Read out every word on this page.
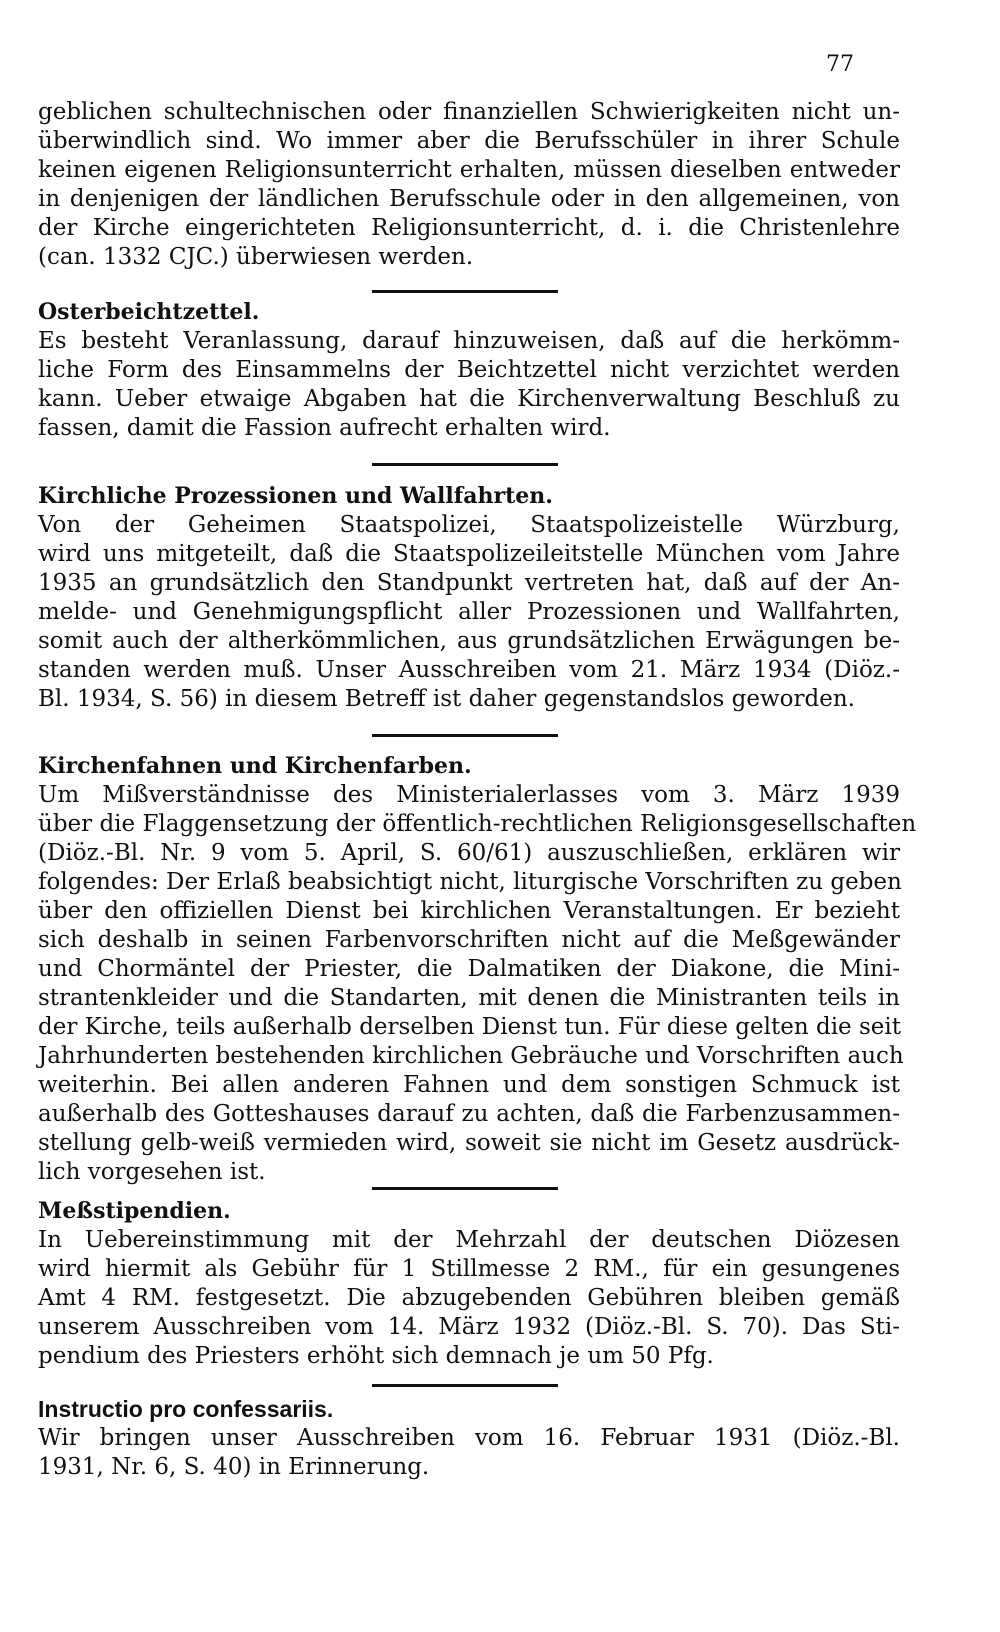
77
geblichen schultechnischen oder finanziellen Schwierigkeiten nicht un-
überwindlich sind. Wo immer aber die Berufsschüler in ihrer Schule
keinen eigenen Religionsunterricht erhalten, müssen dieselben entweder
in denjenigen der ländlichen Berufsschule oder in den allgemeinen, von
der Kirche eingerichteten Religionsunterricht, d. i. die Christenlehre
(can. 1332 CJC.) überwiesen werden.
Osterbeichtzettel.
Es besteht Veranlassung, darauf hinzuweisen, daß auf die herkömm-
liche Form des Einsammelns der Beichtzettel nicht verzichtet werden
kann. Ueber etwaige Abgaben hat die Kirchenverwaltung Beschluß zu
fassen, damit die Fassion aufrecht erhalten wird.
Kirchliche Prozessionen und Wallfahrten.
Von der Geheimen Staatspolizei, Staatspolizeistelle Würzburg,
wird uns mitgeteilt, daß die Staatspolizeileitstelle München vom Jahre
1935 an grundsätzlich den Standpunkt vertreten hat, daß auf der An-
melde- und Genehmigungspflicht aller Prozessionen und Wallfahrten,
somit auch der altherkömmlichen, aus grundsätzlichen Erwägungen be-
standen werden muß. Unser Ausschreiben vom 21. März 1934 (Diöz.-
Bl. 1934, S. 56) in diesem Betreff ist daher gegenstandslos geworden.
Kirchenfahnen und Kirchenfarben.
Um Mißverständnisse des Ministerialerlasses vom 3. März 1939
über die Flaggensetzung der öffentlich-rechtlichen Religionsgesellschaften
(Diöz.-Bl. Nr. 9 vom 5. April, S. 60/61) auszuschließen, erklären wir
folgendes: Der Erlaß beabsichtigt nicht, liturgische Vorschriften zu geben
über den offiziellen Dienst bei kirchlichen Veranstaltungen. Er bezieht
sich deshalb in seinen Farbenvorschriften nicht auf die Meßgewänder
und Chormäntel der Priester, die Dalmatiken der Diakone, die Mini-
strantenkleider und die Standarten, mit denen die Ministranten teils in
der Kirche, teils außerhalb derselben Dienst tun. Für diese gelten die seit
Jahrhunderten bestehenden kirchlichen Gebräuche und Vorschriften auch
weiterhin. Bei allen anderen Fahnen und dem sonstigen Schmuck ist
außerhalb des Gotteshauses darauf zu achten, daß die Farbenzusammen-
stellung gelb-weiß vermieden wird, soweit sie nicht im Gesetz ausdrück-
lich vorgesehen ist.
Meßstipendien.
In Uebereinstimmung mit der Mehrzahl der deutschen Diözesen
wird hiermit als Gebühr für 1 Stillmesse 2 RM., für ein gesungenes
Amt 4 RM. festgesetzt. Die abzugebenden Gebühren bleiben gemäß
unserem Ausschreiben vom 14. März 1932 (Diöz.-Bl. S. 70). Das Sti-
pendium des Priesters erhöht sich demnach je um 50 Pfg.
Instructio pro confessariis.
Wir bringen unser Ausschreiben vom 16. Februar 1931 (Diöz.-Bl.
1931, Nr. 6, S. 40) in Erinnerung.
